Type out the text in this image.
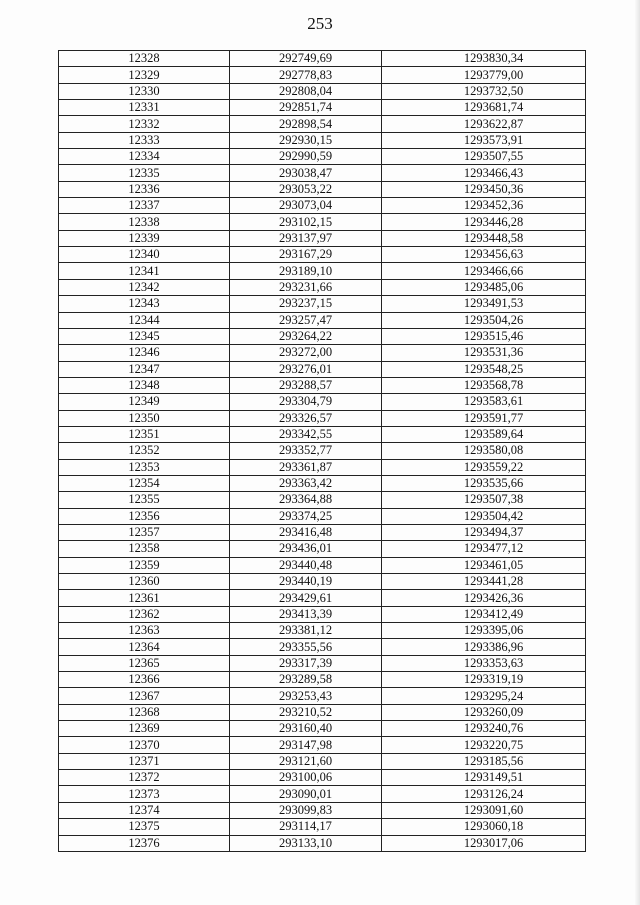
253
12328	292749,69	1293830,34
12329	292778,83	1293779,00
12330	292808,04	1293732,50
12331	292851,74	1293681,74
12332	292898,54	1293622,87
12333	292930,15	1293573,91
12334	292990,59	1293507,55
12335	293038,47	1293466,43
12336	293053,22	1293450,36
12337	293073,04	1293452,36
12338	293102,15	1293446,28
12339	293137,97	1293448,58
12340	293167,29	1293456,63
12341	293189,10	1293466,66
12342	293231,66	1293485,06
12343	293237,15	1293491,53
12344	293257,47	1293504,26
12345	293264,22	1293515,46
12346	293272,00	1293531,36
12347	293276,01	1293548,25
12348	293288,57	1293568,78
12349	293304,79	1293583,61
12350	293326,57	1293591,77
12351	293342,55	1293589,64
12352	293352,77	1293580,08
12353	293361,87	1293559,22
12354	293363,42	1293535,66
12355	293364,88	1293507,38
12356	293374,25	1293504,42
12357	293416,48	1293494,37
12358	293436,01	1293477,12
12359	293440,48	1293461,05
12360	293440,19	1293441,28
12361	293429,61	1293426,36
12362	293413,39	1293412,49
12363	293381,12	1293395,06
12364	293355,56	1293386,96
12365	293317,39	1293353,63
12366	293289,58	1293319,19
12367	293253,43	1293295,24
12368	293210,52	1293260,09
12369	293160,40	1293240,76
12370	293147,98	1293220,75
12371	293121,60	1293185,56
12372	293100,06	1293149,51
12373	293090,01	1293126,24
12374	293099,83	1293091,60
12375	293114,17	1293060,18
12376	293133,10	1293017,06
